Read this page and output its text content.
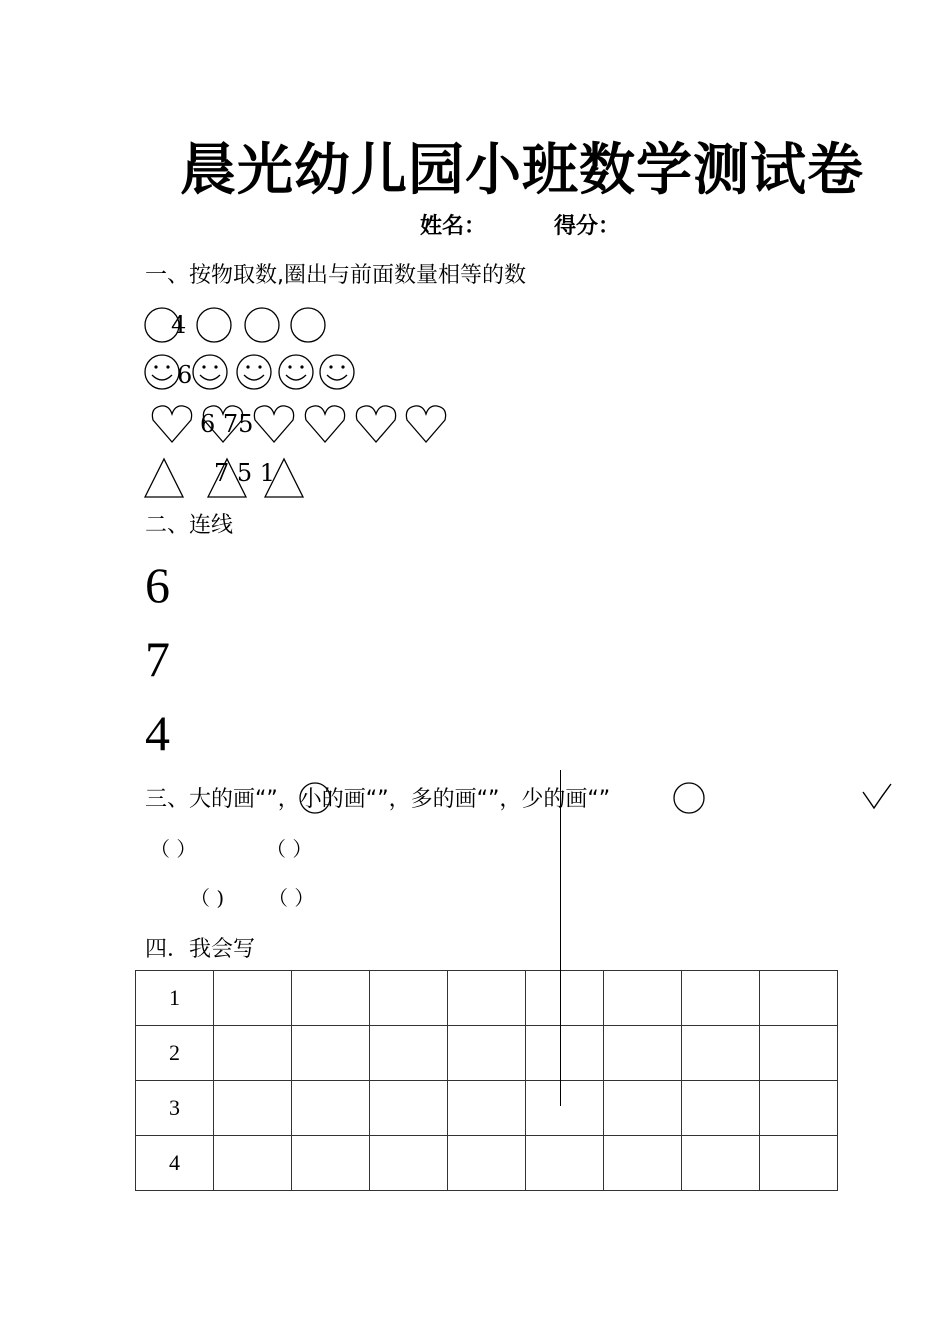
晨光幼儿园小班数学测试卷
姓名：	得分：
一、按物取数,圈出与前面数量相等的数
4
6
6 75
7 5 1
二、连线
6
7
4
三、大的画“”，小的画“”，多的画“”，少的画“”
（ ）	（ ）
（ ) （ ）
四．我会写
1								
2								
3								
4								
